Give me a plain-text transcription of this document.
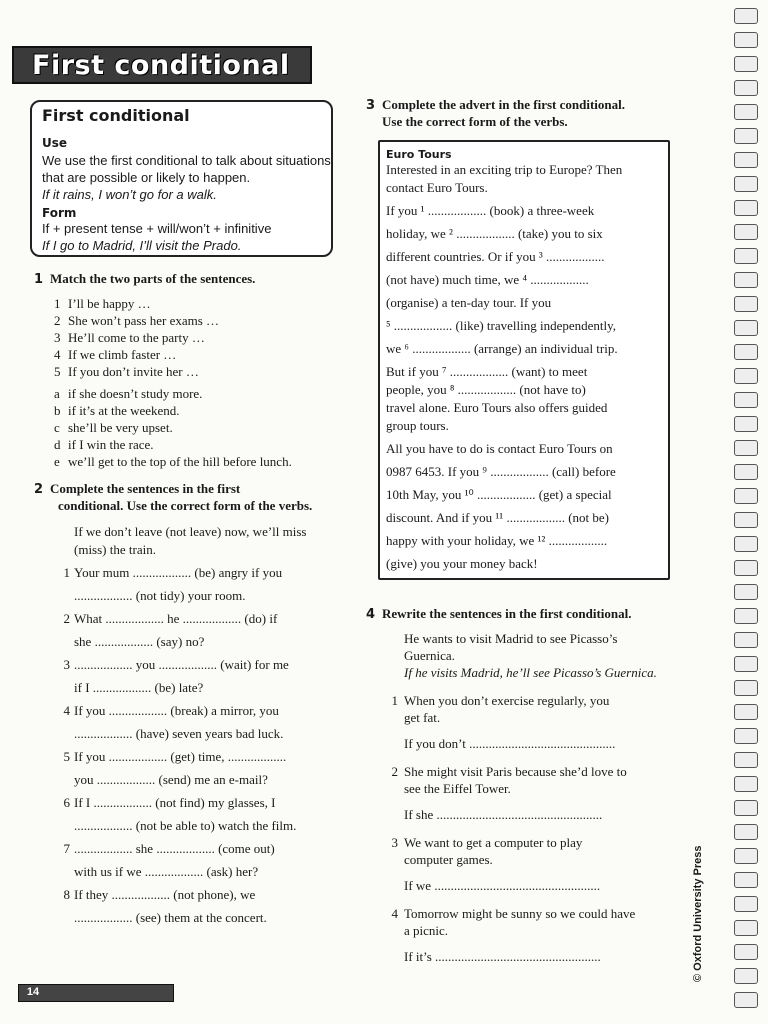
First conditional
First conditional
Use
We use the first conditional to talk about situations
that are possible or likely to happen.
If it rains, I won’t go for a walk.
Form
If + present tense + will/won’t + infinitive
If I go to Madrid, I’ll visit the Prado.
1 Match the two parts of the sentences.
1 I’ll be happy …
2 She won’t pass her exams …
3 He’ll come to the party …
4 If we climb faster …
5 If you don’t invite her …
a if she doesn’t study more.
b if it’s at the weekend.
c she’ll be very upset.
d if I win the race.
e we’ll get to the top of the hill before lunch.
2 Complete the sentences in the first
conditional. Use the correct form of the verbs.
If we don’t leave (not leave) now, we’ll miss
(miss) the train.
1 Your mum .................. (be) angry if you
.................. (not tidy) your room.
2 What .................. he .................. (do) if
she .................. (say) no?
3 .................. you .................. (wait) for me
if I .................. (be) late?
4 If you .................. (break) a mirror, you
.................. (have) seven years bad luck.
5 If you .................. (get) time, ..................
you .................. (send) me an e-mail?
6 If I .................. (not find) my glasses, I
.................. (not be able to) watch the film.
7 .................. she .................. (come out)
with us if we .................. (ask) her?
8 If they .................. (not phone), we
.................. (see) them at the concert.
3 Complete the advert in the first conditional.
Use the correct form of the verbs.
Euro Tours
Interested in an exciting trip to Europe? Then
contact Euro Tours.
If you ¹ .................. (book) a three-week
holiday, we ² .................. (take) you to six
different countries. Or if you ³ ..................
(not have) much time, we ⁴ ..................
(organise) a ten-day tour. If you
⁵ .................. (like) travelling independently,
we ⁶ .................. (arrange) an individual trip.
But if you ⁷ .................. (want) to meet
people, you ⁸ .................. (not have to)
travel alone. Euro Tours also offers guided
group tours.
All you have to do is contact Euro Tours on
0987 6453. If you ⁹ .................. (call) before
10th May, you ¹⁰ .................. (get) a special
discount. And if you ¹¹ .................. (not be)
happy with your holiday, we ¹² ..................
(give) you your money back!
4 Rewrite the sentences in the first conditional.
He wants to visit Madrid to see Picasso’s
Guernica.
If he visits Madrid, he’ll see Picasso’s Guernica.
1 When you don’t exercise regularly, you
get fat.
If you don’t .............................................
2 She might visit Paris because she’d love to
see the Eiffel Tower.
If she ...................................................
3 We want to get a computer to play
computer games.
If we ...................................................
4 Tomorrow might be sunny so we could have
a picnic.
If it’s ...................................................	© Oxford University Press
14
